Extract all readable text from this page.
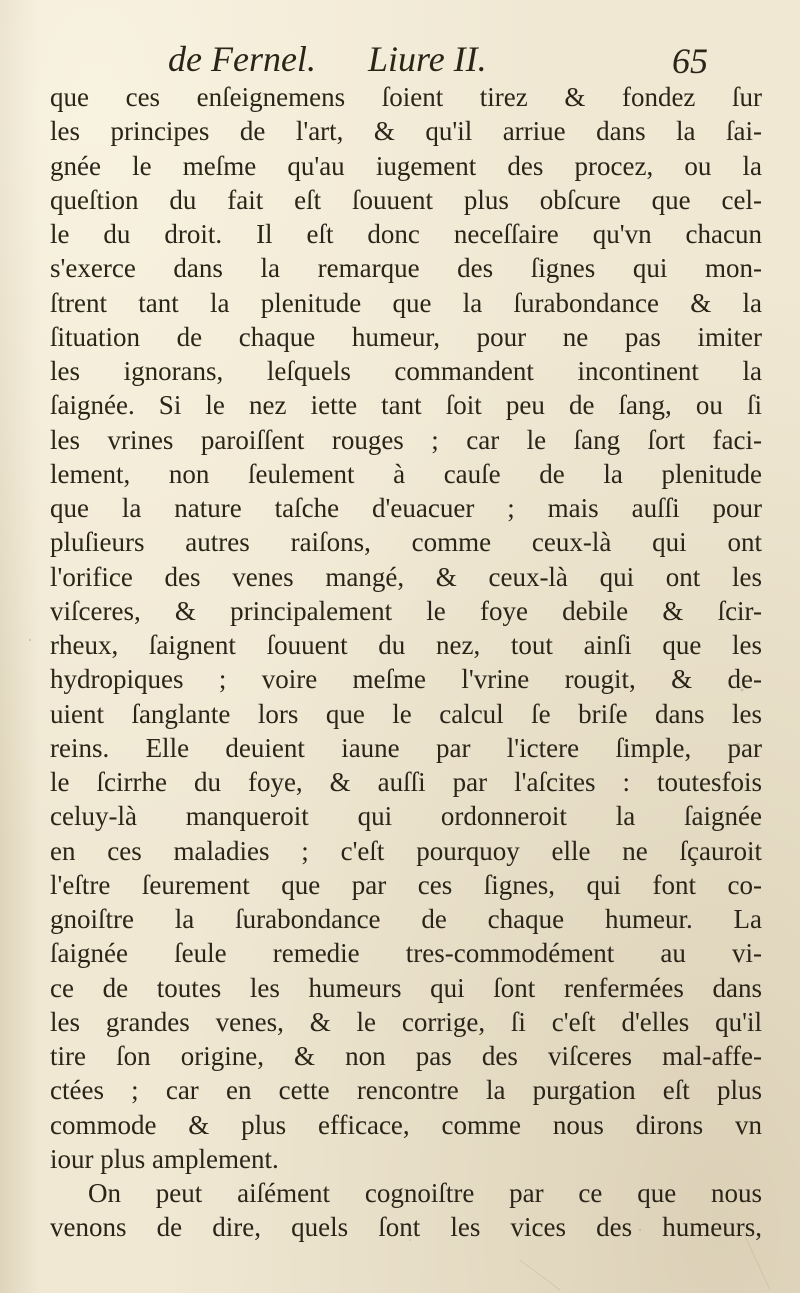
de Fernel. Liure II.	65
que ces enſeignemens ſoient tirez & fondez ſur
les principes de l'art, & qu'il arriue dans la ſai-
gnée le meſme qu'au iugement des procez, ou la
queſtion du fait eſt ſouuent plus obſcure que cel-
le du droit. Il eſt donc neceſſaire qu'vn chacun
s'exerce dans la remarque des ſignes qui mon-
ſtrent tant la plenitude que la ſurabondance & la
ſituation de chaque humeur, pour ne pas imiter
les ignorans, leſquels commandent incontinent la
ſaignée. Si le nez iette tant ſoit peu de ſang, ou ſi
les vrines paroiſſent rouges ; car le ſang ſort faci-
lement, non ſeulement à cauſe de la plenitude
que la nature taſche d'euacuer ; mais auſſi pour
pluſieurs autres raiſons, comme ceux-là qui ont
l'orifice des venes mangé, & ceux-là qui ont les
viſceres, & principalement le foye debile & ſcir-
rheux, ſaignent ſouuent du nez, tout ainſi que les
hydropiques ; voire meſme l'vrine rougit, & de-
uient ſanglante lors que le calcul ſe briſe dans les
reins. Elle deuient iaune par l'ictere ſimple, par
le ſcirrhe du foye, & auſſi par l'aſcites : toutesfois
celuy-là manqueroit qui ordonneroit la ſaignée
en ces maladies ; c'eſt pourquoy elle ne ſçauroit
l'eſtre ſeurement que par ces ſignes, qui font co-
gnoiſtre la ſurabondance de chaque humeur. La
ſaignée ſeule remedie tres-commodément au vi-
ce de toutes les humeurs qui ſont renfermées dans
les grandes venes, & le corrige, ſi c'eſt d'elles qu'il
tire ſon origine, & non pas des viſceres mal-affe-
ctées ; car en cette rencontre la purgation eſt plus
commode & plus efficace, comme nous dirons vn
iour plus amplement.
On peut aiſément cognoiſtre par ce que nous
venons de dire, quels ſont les vices des humeurs,
